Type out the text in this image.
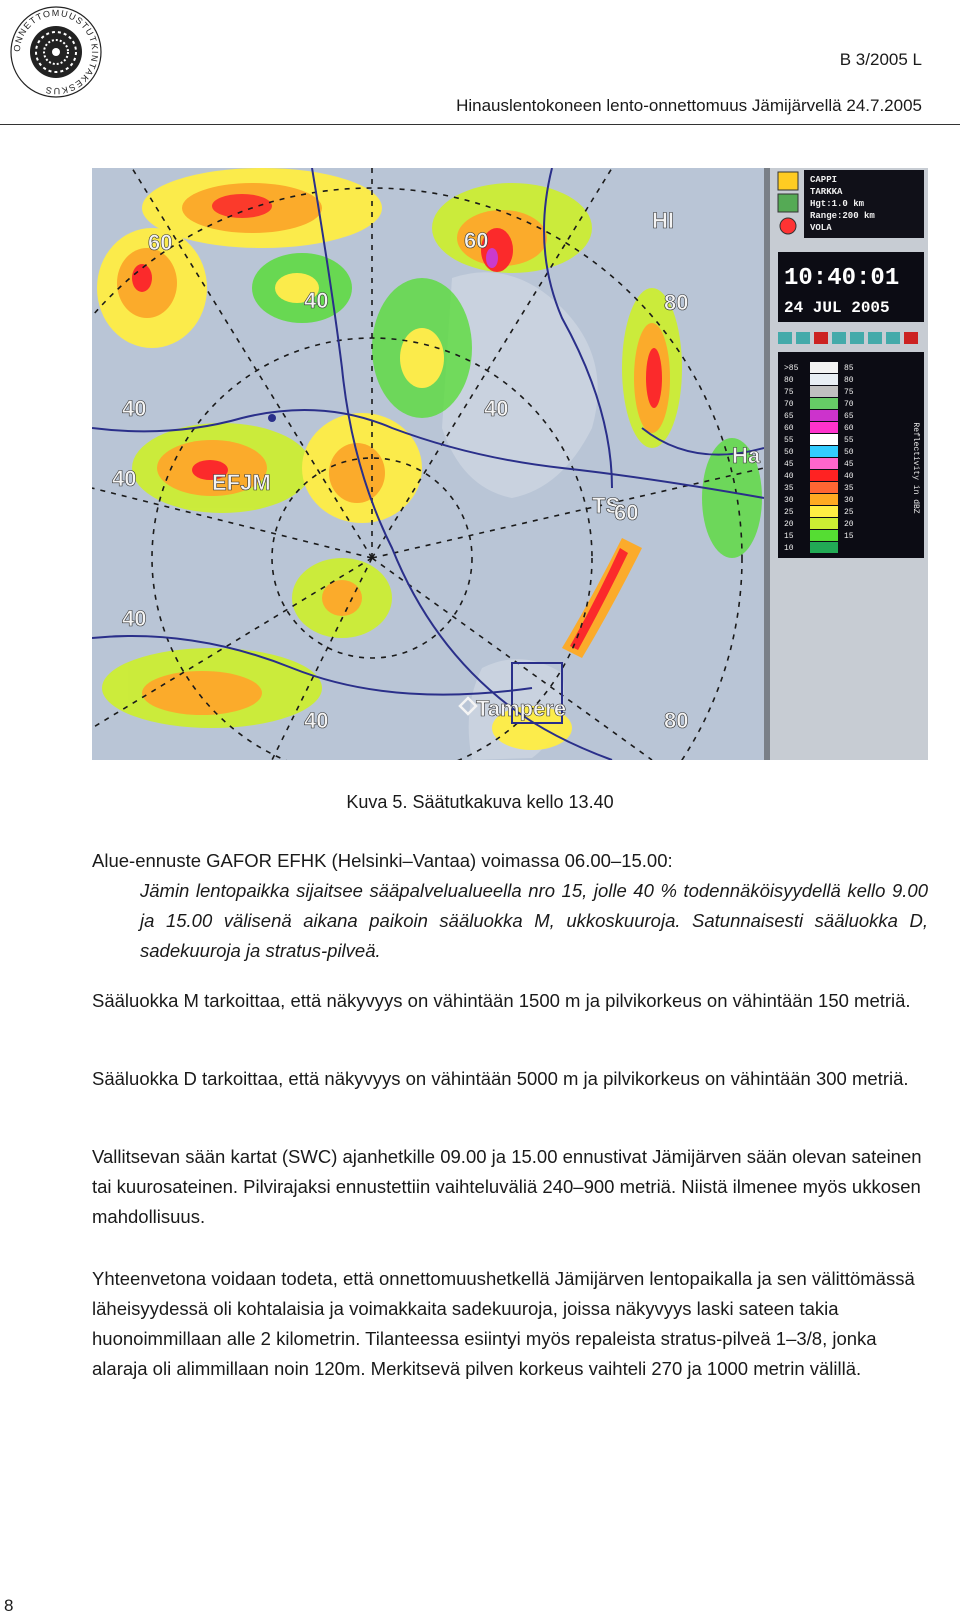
ONNETTOMUUSTUTKINTAKESKUS
B 3/2005 L
Hinauslentokoneen lento-onnettomuus Jämijärvellä 24.7.2005
HI
EFJM
TS
Ha
Tampere
60	60
60
40
40	40
40
40
40
80
80
CAPPI
TARKKA
Hgt:1.0 km
Range:200 km
VOLA
10:40:01
24 JUL 2005
>85
80
75
70
65
60
55
50
45
40
35
30
25
20
15
10
85
80
75
70
65
60
55
50
45
40
35
30
25
20
15
Reflectivity in dBZ
Kuva 5. Säätutkakuva kello 13.40
Alue-ennuste GAFOR EFHK (Helsinki–Vantaa) voimassa 06.00–15.00:
Jämin lentopaikka sijaitsee sääpalvelualueella nro 15, jolle 40 % todennäköisyydellä kello 9.00 ja 15.00 välisenä aikana paikoin sääluokka M, ukkoskuuroja. Satunnaisesti sääluokka D, sadekuuroja ja stratus-pilveä.
Sääluokka M tarkoittaa, että näkyvyys on vähintään 1500 m ja pilvikorkeus on vähintään 150 metriä.
Sääluokka D tarkoittaa, että näkyvyys on vähintään 5000 m ja pilvikorkeus on vähintään 300 metriä.
Vallitsevan sään kartat (SWC) ajanhetkille 09.00 ja 15.00 ennustivat Jämijärven sään olevan sateinen tai kuurosateinen. Pilvirajaksi ennustettiin vaihteluväliä 240–900 metriä. Niistä ilmenee myös ukkosen mahdollisuus.
Yhteenvetona voidaan todeta, että onnettomuushetkellä Jämijärven lentopaikalla ja sen välittömässä läheisyydessä oli kohtalaisia ja voimakkaita sadekuuroja, joissa näkyvyys laski sateen takia huonoimmillaan alle 2 kilometrin. Tilanteessa esiintyi myös repaleista stratus-pilveä 1–3/8, jonka alaraja oli alimmillaan noin 120m. Merkitsevä pilven korkeus vaihteli 270 ja 1000 metrin välillä.
8
